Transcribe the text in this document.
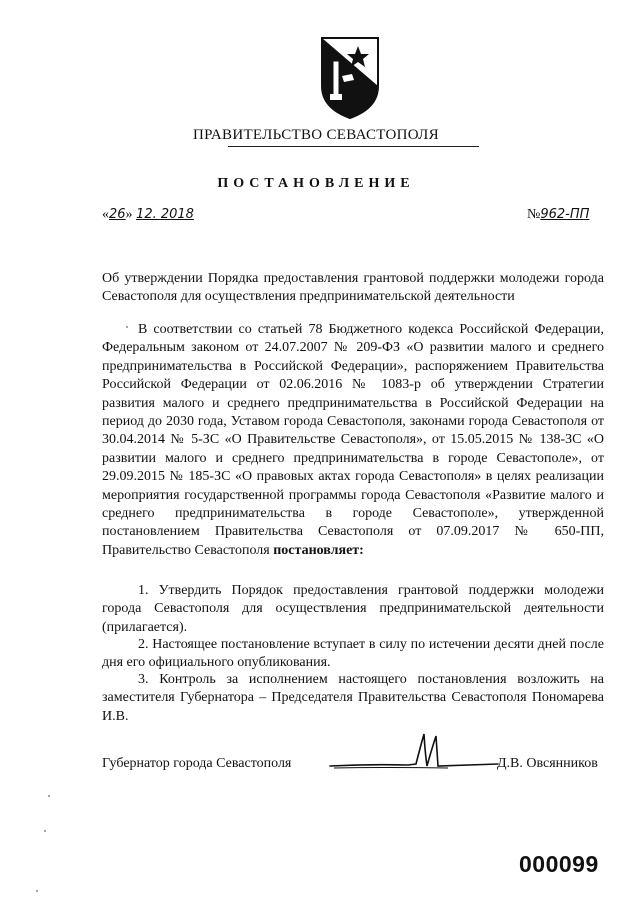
ПРАВИТЕЛЬСТВО СЕВАСТОПОЛЯ
ПОСТАНОВЛЕНИЕ
«26» 12. 2018	№962-ПП
Об утверждении Порядка предоставления грантовой поддержки молодежи города Севастополя для осуществления предпринимательской деятельности
В соответствии со статьей 78 Бюджетного кодекса Российской Федерации, Федеральным законом от 24.07.2007 № 209-ФЗ «О развитии малого и среднего предпринимательства в Российской Федерации», распоряжением Правительства Российской Федерации от 02.06.2016 № 1083-р об утверждении Стратегии развития малого и среднего предпринимательства в Российской Федерации на период до 2030 года, Уставом города Севастополя, законами города Севастополя от 30.04.2014 № 5-ЗС «О Правительстве Севастополя», от 15.05.2015 № 138-ЗС «О развитии малого и среднего предпринимательства в городе Севастополе», от 29.09.2015 № 185-ЗС «О правовых актах города Севастополя» в целях реализации мероприятия государственной программы города Севастополя «Развитие малого и среднего предпринимательства в городе Севастополе», утвержденной постановлением Правительства Севастополя от 07.09.2017 № 650-ПП, Правительство Севастополя постановляет:
1. Утвердить Порядок предоставления грантовой поддержки молодежи города Севастополя для осуществления предпринимательской деятельности (прилагается).
2. Настоящее постановление вступает в силу по истечении десяти дней после дня его официального опубликования.
3. Контроль за исполнением настоящего постановления возложить на заместителя Губернатора – Председателя Правительства Севастополя Пономарева И.В.
Губернатор города Севастополя	Д.В. Овсянников
000099
